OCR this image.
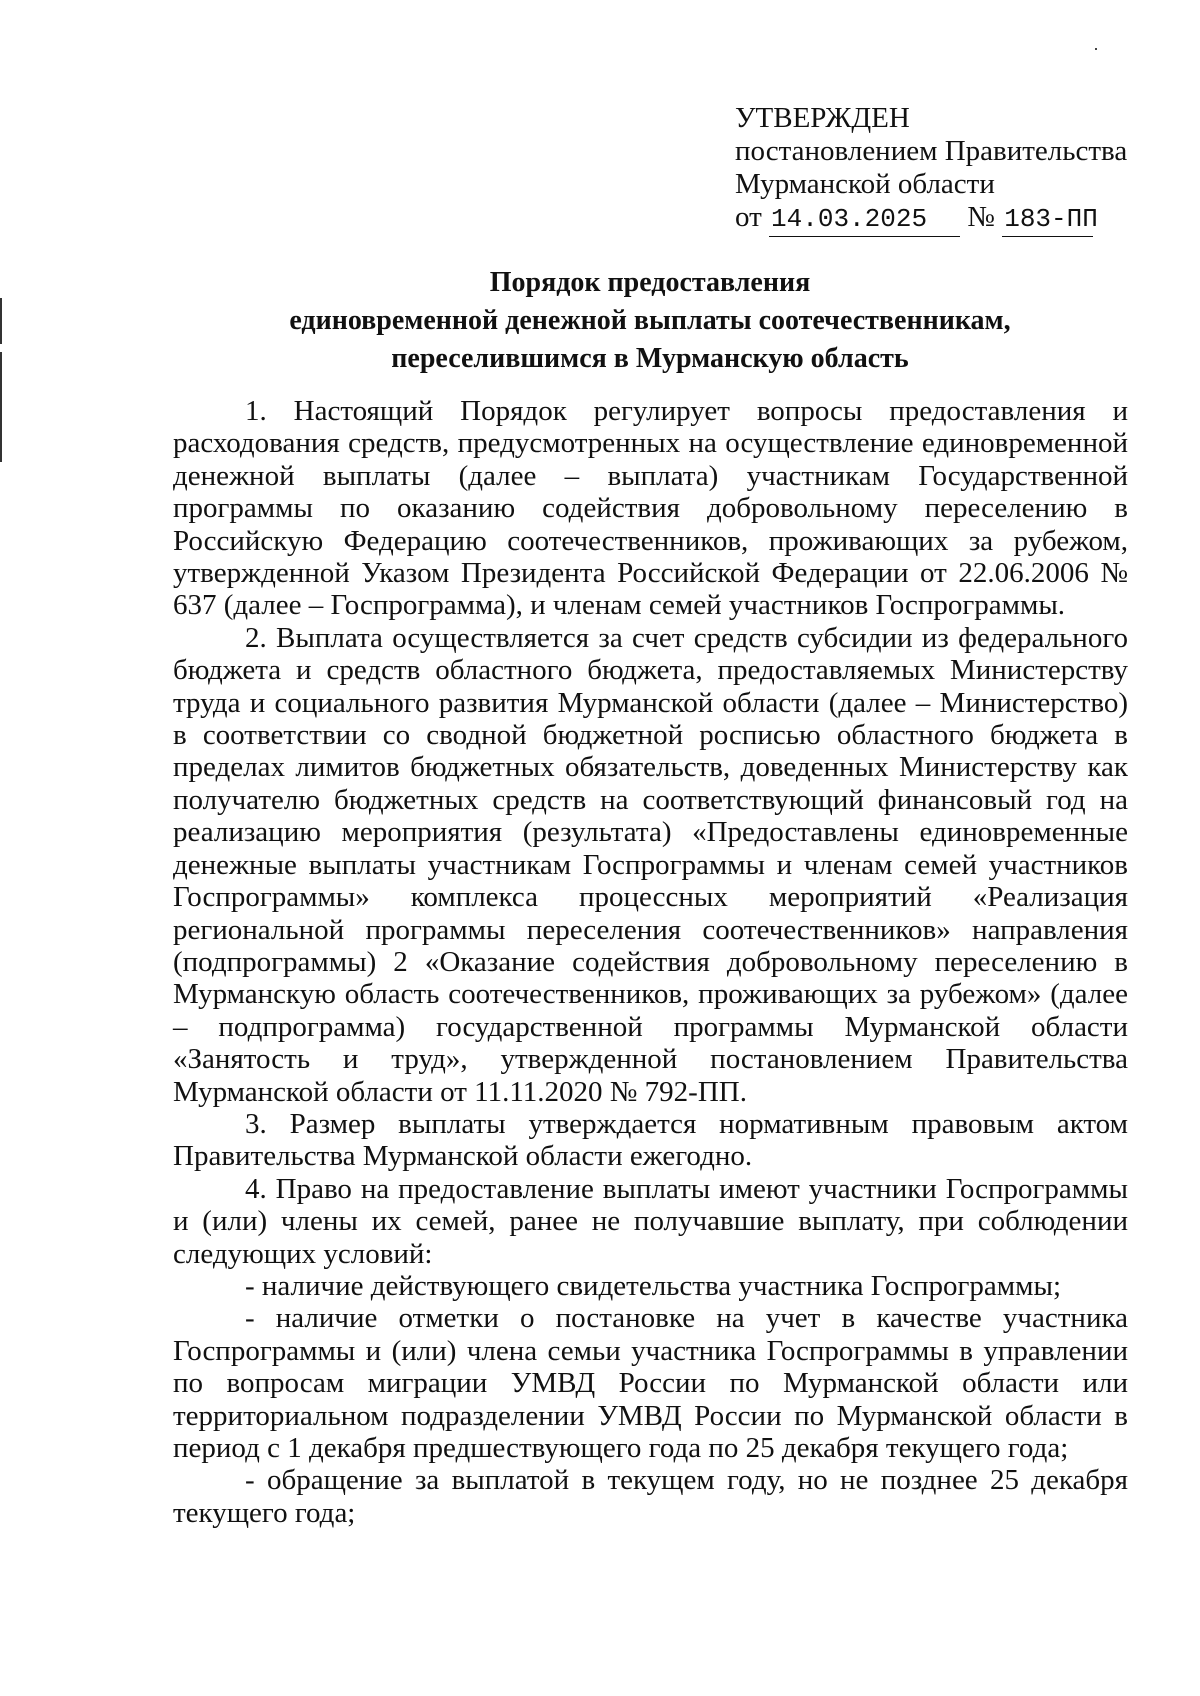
УТВЕРЖДЕН
постановлением Правительства
Мурманской области
от 14.03.2025 № 183-ПП
Порядок предоставления
единовременной денежной выплаты соотечественникам,
переселившимся в Мурманскую область

1. Настоящий Порядок регулирует вопросы предоставления и расходования средств, предусмотренных на осуществление единовременной денежной выплаты (далее – выплата) участникам Государственной программы по оказанию содействия добровольному переселению в Российскую Федерацию соотечественников, проживающих за рубежом, утвержденной Указом Президента Российской Федерации от 22.06.2006 № 637 (далее – Госпрограмма), и членам семей участников Госпрограммы.

2. Выплата осуществляется за счет средств субсидии из федерального бюджета и средств областного бюджета, предоставляемых Министерству труда и социального развития Мурманской области (далее – Министерство) в соответствии со сводной бюджетной росписью областного бюджета в пределах лимитов бюджетных обязательств, доведенных Министерству как получателю бюджетных средств на соответствующий финансовый год на реализацию мероприятия (результата) «Предоставлены единовременные денежные выплаты участникам Госпрограммы и членам семей участников Госпрограммы» комплекса процессных мероприятий «Реализация региональной программы переселения соотечественников» направления (подпрограммы) 2 «Оказание содействия добровольному переселению в Мурманскую область соотечественников, проживающих за рубежом» (далее – подпрограмма) государственной программы Мурманской области «Занятость и труд», утвержденной постановлением Правительства Мурманской области от 11.11.2020 № 792-ПП.

3. Размер выплаты утверждается нормативным правовым актом Правительства Мурманской области ежегодно.

4. Право на предоставление выплаты имеют участники Госпрограммы и (или) члены их семей, ранее не получавшие выплату, при соблюдении следующих условий:

- наличие действующего свидетельства участника Госпрограммы;

- наличие отметки о постановке на учет в качестве участника Госпрограммы и (или) члена семьи участника Госпрограммы в управлении по вопросам миграции УМВД России по Мурманской области или территориальном подразделении УМВД России по Мурманской области в период с 1 декабря предшествующего года по 25 декабря текущего года;

- обращение за выплатой в текущем году, но не позднее 25 декабря текущего года;
